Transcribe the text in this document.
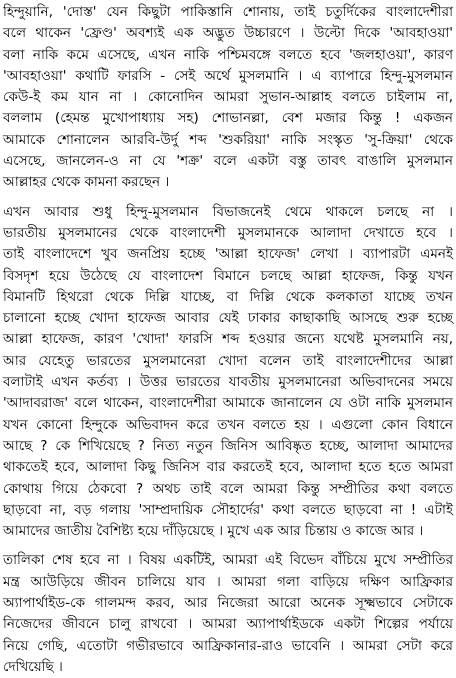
হিন্দুয়ানি, 'দোস্ত' যেন কিছুটা পাকিস্তানি শোনায়, তাই চতুর্দিকের বাংলাদেশীরা
বলে থাকেন 'ফ্রেণ্ড' অবশ্যই এক অদ্ভুত উচ্চারণে । উল্টো দিকে 'আবহাওয়া'
বলা নাকি কমে এসেছে, এখন নাকি পশ্চিমবঙ্গে বলতে হবে 'জলহাওয়া', কারণ
'আবহাওয়া' কথাটি ফারসি - সেই অর্থে মুসলমানি । এ ব্যাপারে হিন্দু-মুসলমান
কেউ-ই কম যান না । কোনোদিন আমরা সুভান-আল্লাহ বলতে চাইলাম না,
বললাম (হেমন্ত মুখোপাধ্যায় সহ) শোভানল্লা, বেশ মজার কিন্তু ! একজন
আমাকে শোনালেন আরবি-উর্দু শব্দ 'শুকরিয়া' নাকি সংস্কৃত 'সু-ক্রিয়া' থেকে
এসেছে, জানলেন-ও না যে 'শক্র' বলে একটা বস্তু তাবৎ বাঙালি মুসলমান
আল্লাহর থেকে কামনা করছেন ।
এখন আবার শুধু হিন্দু-মুসলমান বিভাজনেই থেমে থাকলে চলছে না ।
ভারতীয় মুসলমানের থেকে বাংলাদেশী মুসলমানকে আলাদা দেখাতে হবে ।
তাই বাংলাদেশে খুব জনপ্রিয় হচ্ছে 'আল্লা হাফেজ' লেখা । ব্যাপারটা এমনই
বিসদৃশ হয়ে উঠেছে যে বাংলাদেশ বিমানে চলছে আল্লা হাফেজ, কিন্তু যখন
বিমানটি হিথরো থেকে দিল্লি যাচ্ছে, বা দিল্লি থেকে কলকাতা যাচ্ছে তখন
চালানো হচ্ছে খোদা হাফেজ আবার যেই ঢাকার কাছাকাছি আসছে শুরু হচ্ছে
আল্লা হাফেজ, কারণ 'খোদা' ফারসি শব্দ হওয়ার জন্যে যথেষ্ট মুসলমানি নয়,
আর যেহেতু ভারতের মুসলমানেরা খোদা বলেন তাই বাংলাদেশীদের আল্লা
বলাটাই এখন কর্তব্য । উত্তর ভারতের যাবতীয় মুসলমানেরা অভিবাদনের সময়ে
'আদাবরাজ' বলে থাকেন, বাংলাদেশীরা আমাকে জানালেন যে ওটা নাকি মুসলমান
যখন কোনো হিন্দুকে অভিবাদন করে তখন বলতে হয় । এগুলো কোন বিধানে
আছে ? কে শিখিয়েছে ? নিত্য নতুন জিনিস আবিষ্কৃত হচ্ছে, আলাদা আমাদের
থাকতেই হবে, আলাদা কিছু জিনিস বার করতেই হবে, আলাদা হতে হতে আমরা
কোথায় গিয়ে ঠেকবো ? অথচ তাই বলে আমরা কিন্তু সম্প্রীতির কথা বলতে
ছাড়বো না, বড় গলায় 'সাম্প্রদায়িক সৌহার্দের' কথা বলতে ছাড়বো না ! এটাই
আমাদের জাতীয় বৈশিষ্ট্য হয়ে দাঁড়িয়েছে । মুখে এক আর চিন্তায় ও কাজে আর ।
তালিকা শেষ হবে না । বিষয় একটিই, আমরা এই বিভেদ বাঁচিয়ে মুখে সম্প্রীতির
মন্ত্র আউড়িয়ে জীবন চালিয়ে যাব । আমরা গলা বাড়িয়ে দক্ষিণ আফ্রিকার
অ্যাপার্থাইড-কে গালমন্দ করব, আর নিজেরা আরো অনেক সূক্ষ্মভাবে সেটাকে
নিজেদের জীবনে চালু রাখবো । আমরা অ্যাপার্থাইডকে একটা শিল্পের পর্যায়ে
নিয়ে গেছি, এতোটা গভীরভাবে আফ্রিকানার-রাও ভাবেনি । আমরা সেটা করে
দেখিয়েছি ।
